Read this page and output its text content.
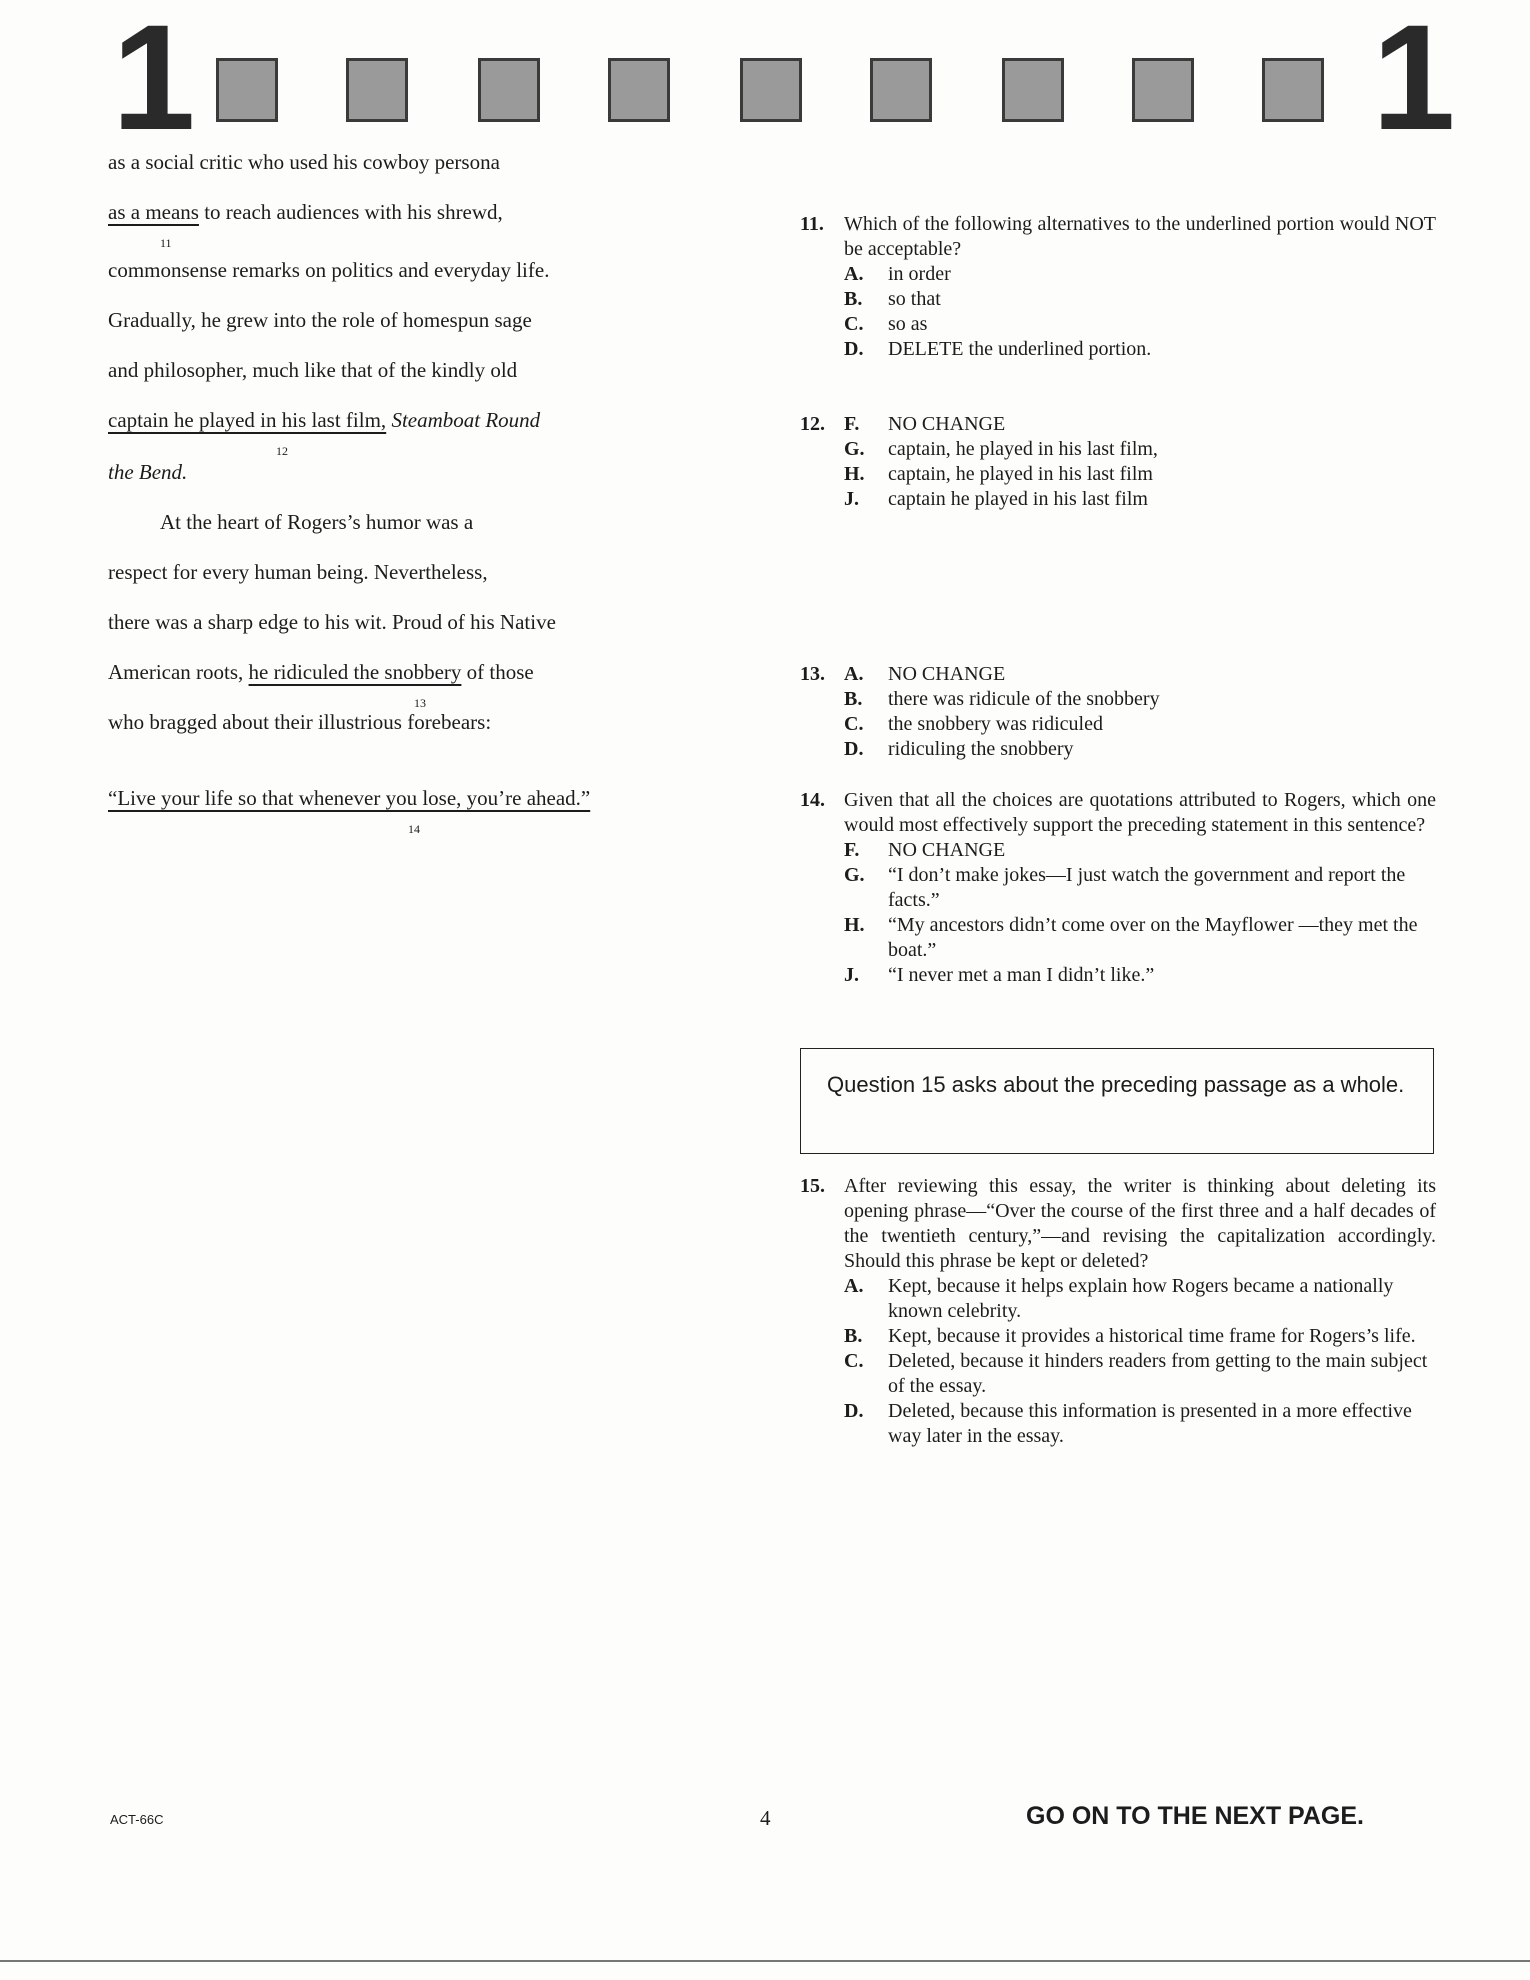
1	1
as a social critic who used his cowboy persona
as a means to reach audiences with his shrewd,
11
commonsense remarks on politics and everyday life.
Gradually, he grew into the role of homespun sage
and philosopher, much like that of the kindly old
captain he played in his last film, Steamboat Round
12
the Bend.
At the heart of Rogers’s humor was a
respect for every human being. Nevertheless,
there was a sharp edge to his wit. Proud of his Native
American roots, he ridiculed the snobbery of those
13
who bragged about their illustrious forebears:
“Live your life so that whenever you lose, you’re ahead.”
14
11.	Which of the following alternatives to the underlined portion would NOT be acceptable?
A.	in order
B.	so that
C.	so as
D.	DELETE the underlined portion.
12. F. NO CHANGE
G.	captain, he played in his last film,
H.	captain, he played in his last film
J.	captain he played in his last film
13. A. NO CHANGE
B.	there was ridicule of the snobbery
C.	the snobbery was ridiculed
D.	ridiculing the snobbery
14. Given that all the choices are quotations attributed to Rogers, which one would most effectively support the preceding statement in this sentence?
F.	NO CHANGE
G.	“I don’t make jokes—I just watch the government and report the facts.”
H.	“My ancestors didn’t come over on the Mayflower —they met the boat.”
J.	“I never met a man I didn’t like.”
Question 15 asks about the preceding passage as a whole.
15. After reviewing this essay, the writer is thinking about deleting its opening phrase—“Over the course of the first three and a half decades of the twentieth century,”—and revising the capitalization accordingly. Should this phrase be kept or deleted?
A.	Kept, because it helps explain how Rogers became a nationally known celebrity.
B.	Kept, because it provides a historical time frame for Rogers’s life.
C.	Deleted, because it hinders readers from getting to the main subject of the essay.
D.	Deleted, because this information is presented in a more effective way later in the essay.
ACT-66C	4	GO ON TO THE NEXT PAGE.
